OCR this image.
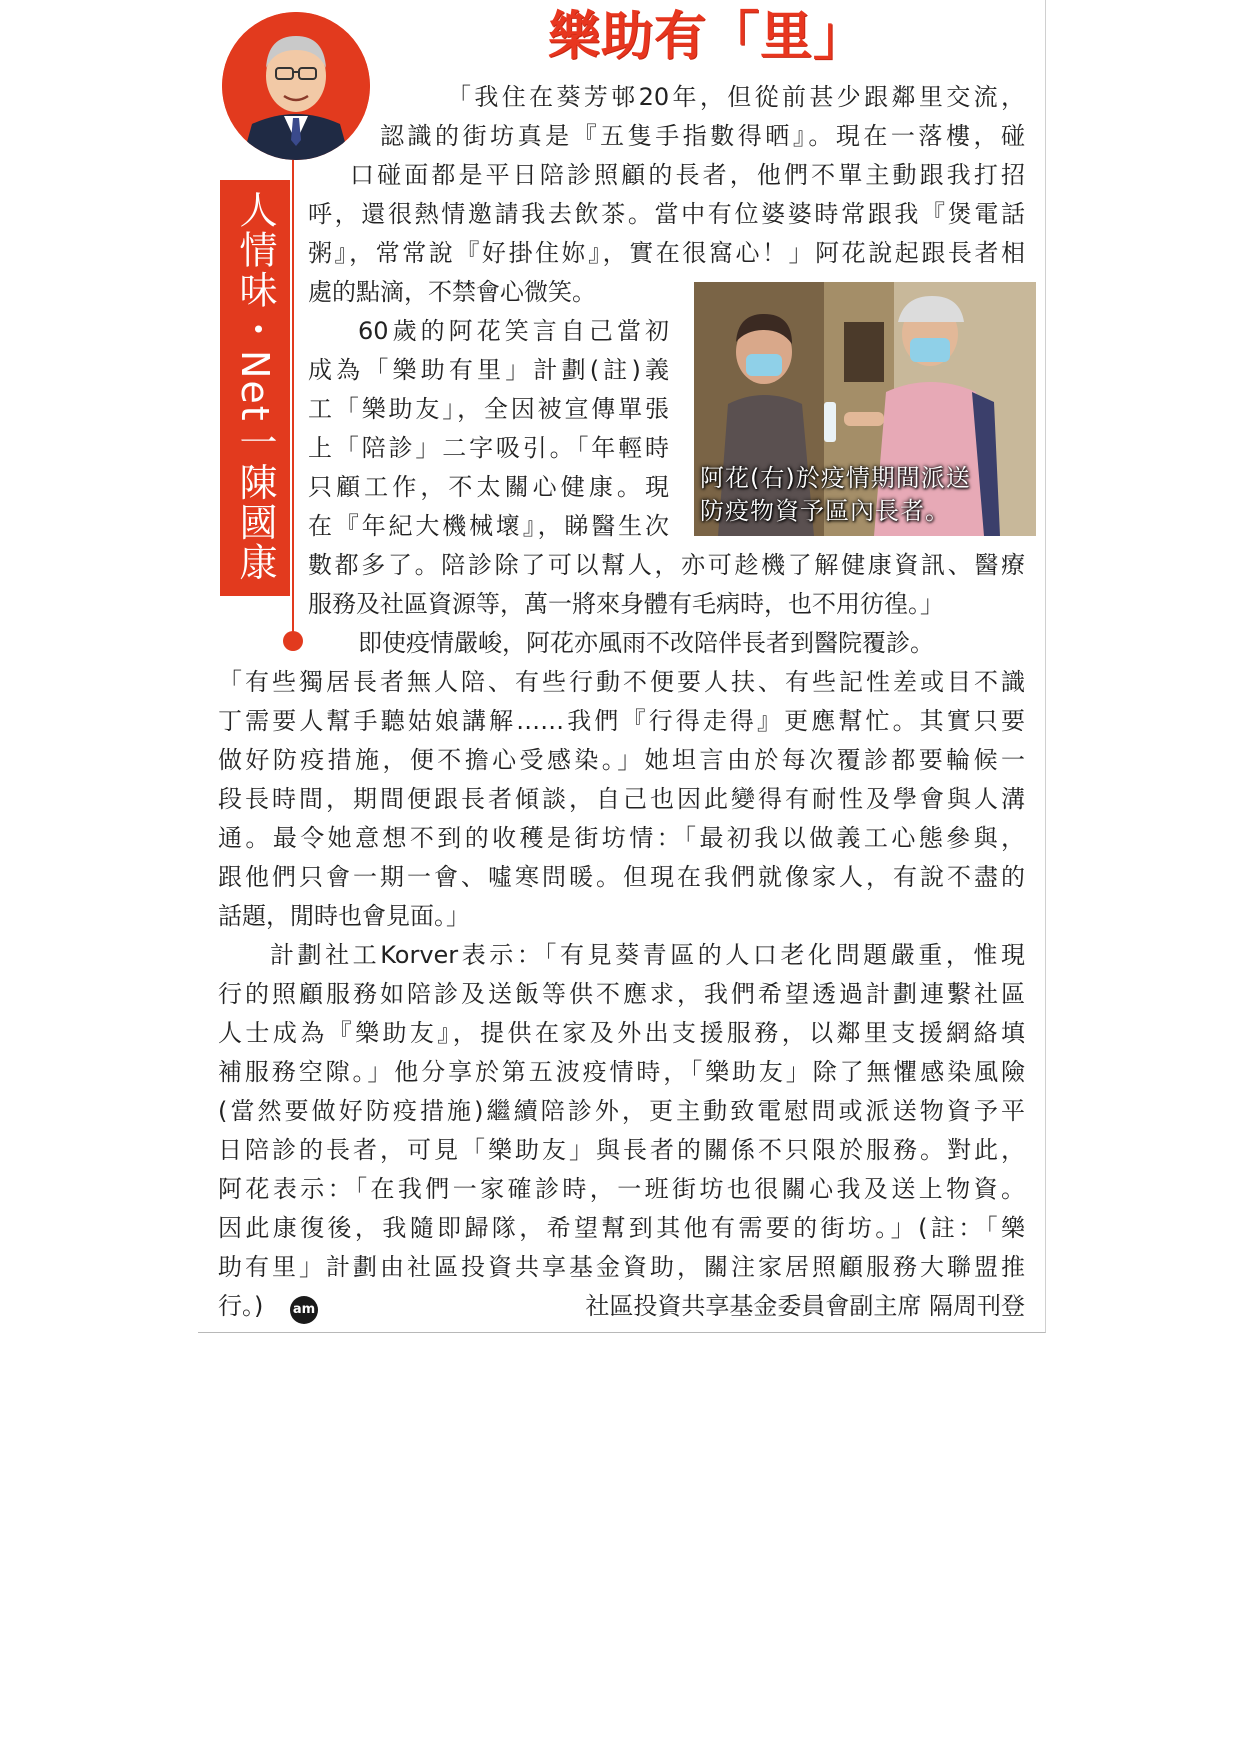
樂助有「里」

人情味・Net一陳國康	阿花(右)於疫情期間派送
防疫物資予區內長者。

「我住在葵芳邨20年，但從前甚少跟鄰里交流，

認識的街坊真是『五隻手指數得晒』。現在一落樓，碰

口碰面都是平日陪診照顧的長者，他們不單主動跟我打招

呼，還很熱情邀請我去飲茶。當中有位婆婆時常跟我『煲電話

粥』，常常說『好掛住妳』，實在很窩心！」阿花說起跟長者相

處的點滴，不禁會心微笑。

60歲的阿花笑言自己當初

成為「樂助有里」計劃(註)義

工「樂助友」，全因被宣傳單張

上「陪診」二字吸引。「年輕時

只顧工作，不太關心健康。現

在『年紀大機械壞』，睇醫生次

數都多了。陪診除了可以幫人，亦可趁機了解健康資訊、醫療

服務及社區資源等，萬一將來身體有毛病時，也不用彷徨。」

即使疫情嚴峻，阿花亦風雨不改陪伴長者到醫院覆診。

「有些獨居長者無人陪、有些行動不便要人扶、有些記性差或目不識

丁需要人幫手聽姑娘講解……我們『行得走得』更應幫忙。其實只要

做好防疫措施，便不擔心受感染。」她坦言由於每次覆診都要輪候一

段長時間，期間便跟長者傾談，自己也因此變得有耐性及學會與人溝

通。最令她意想不到的收穫是街坊情：「最初我以做義工心態參與，

跟他們只會一期一會、噓寒問暖。但現在我們就像家人，有說不盡的

話題，閒時也會見面。」

計劃社工Korver表示：「有見葵青區的人口老化問題嚴重，惟現

行的照顧服務如陪診及送飯等供不應求，我們希望透過計劃連繫社區

人士成為『樂助友』，提供在家及外出支援服務，以鄰里支援網絡填

補服務空隙。」他分享於第五波疫情時，「樂助友」除了無懼感染風險

(當然要做好防疫措施)繼續陪診外，更主動致電慰問或派送物資予平

日陪診的長者，可見「樂助友」與長者的關係不只限於服務。對此，

阿花表示：「在我們一家確診時，一班街坊也很關心我及送上物資。

因此康復後，我隨即歸隊，希望幫到其他有需要的街坊。」(註：「樂

助有里」計劃由社區投資共享基金資助，關注家居照顧服務大聯盟推

行。)	am	社區投資共享基金委員會副主席 隔周刊登
